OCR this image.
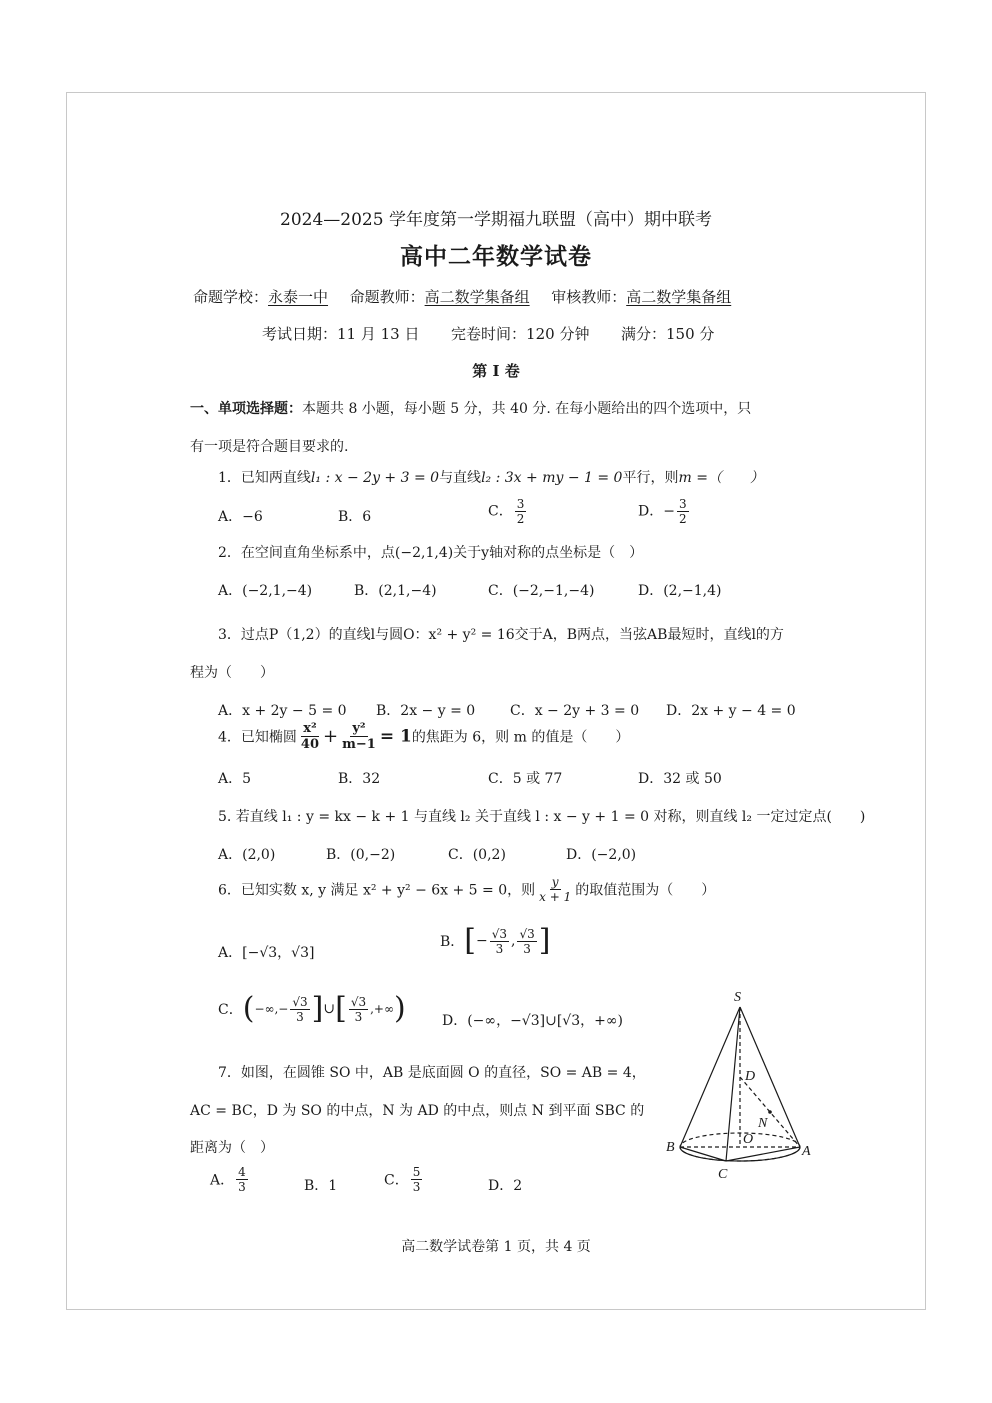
2024—2025 学年度第一学期福九联盟（高中）期中联考
高中二年数学试卷
命题学校：永泰一中 命题教师：高二数学集备组 审核教师：高二数学集备组
考试日期：11 月 13 日 完卷时间：120 分钟 满分：150 分
第 I 卷
一、单项选择题：本题共 8 小题，每小题 5 分，共 40 分. 在每小题给出的四个选项中，只
有一项是符合题目要求的.
1．已知两直线l₁ : x − 2y + 3 = 0与直线l₂ : 3x + my − 1 = 0平行，则m =（　　）
A．−6	B．6	C． $\frac{3}{2}$	D．− $\frac{3}{2}$
2．在空间直角坐标系中，点(−2,1,4)关于y轴对称的点坐标是（　）
A．(−2,1,−4)	B．(2,1,−4)	C．(−2,−1,−4)	D．(2,−1,4)
3．过点P（1,2）的直线l与圆O：x² + y² = 16交于A，B两点，当弦AB最短时，直线l的方
程为（　　）
A．x + 2y − 5 = 0 B．2x − y = 0 C．x − 2y + 3 = 0 D．2x + y − 4 = 0
4．已知椭圆 $\frac{\text{x²}}{40} + \frac{\text{y²}}{m-1} = 1$的焦距为 6，则 m 的值是（　　）
A．5	B．32	C．5 或 77	D．32 或 50
5. 若直线 l₁ : y = kx − k + 1 与直线 l₂ 关于直线 l : x − y + 1 = 0 对称，则直线 l₂ 一定过定点(　　)
A．(2,0)	B．(0,−2)	C．(0,2)	D．(−2,0)
6．已知实数 x, y 满足 x² + y² − 6x + 5 = 0，则 $\frac{y}{x + 1}$ 的取值范围为（　　）
A．[−√3，√3]
B．[− $\frac{√3}{3}$ , $\frac{√3}{3}$ ]
C．(−∞,− $\frac{√3}{3}$ ]∪[ $\frac{√3}{3}$ ,+∞)	D．(−∞，−√3]∪[√3，+∞)
7．如图，在圆锥 SO 中，AB 是底面圆 O 的直径，SO = AB = 4，
AC = BC，D 为 SO 的中点，N 为 AD 的中点，则点 N 到平面 SBC 的
距离为（　）
A． $\frac{4}{3}$	B．1	C． $\frac{5}{3}$	D．2
S
D
N
O
A
B
C
高二数学试卷第 1 页，共 4 页
